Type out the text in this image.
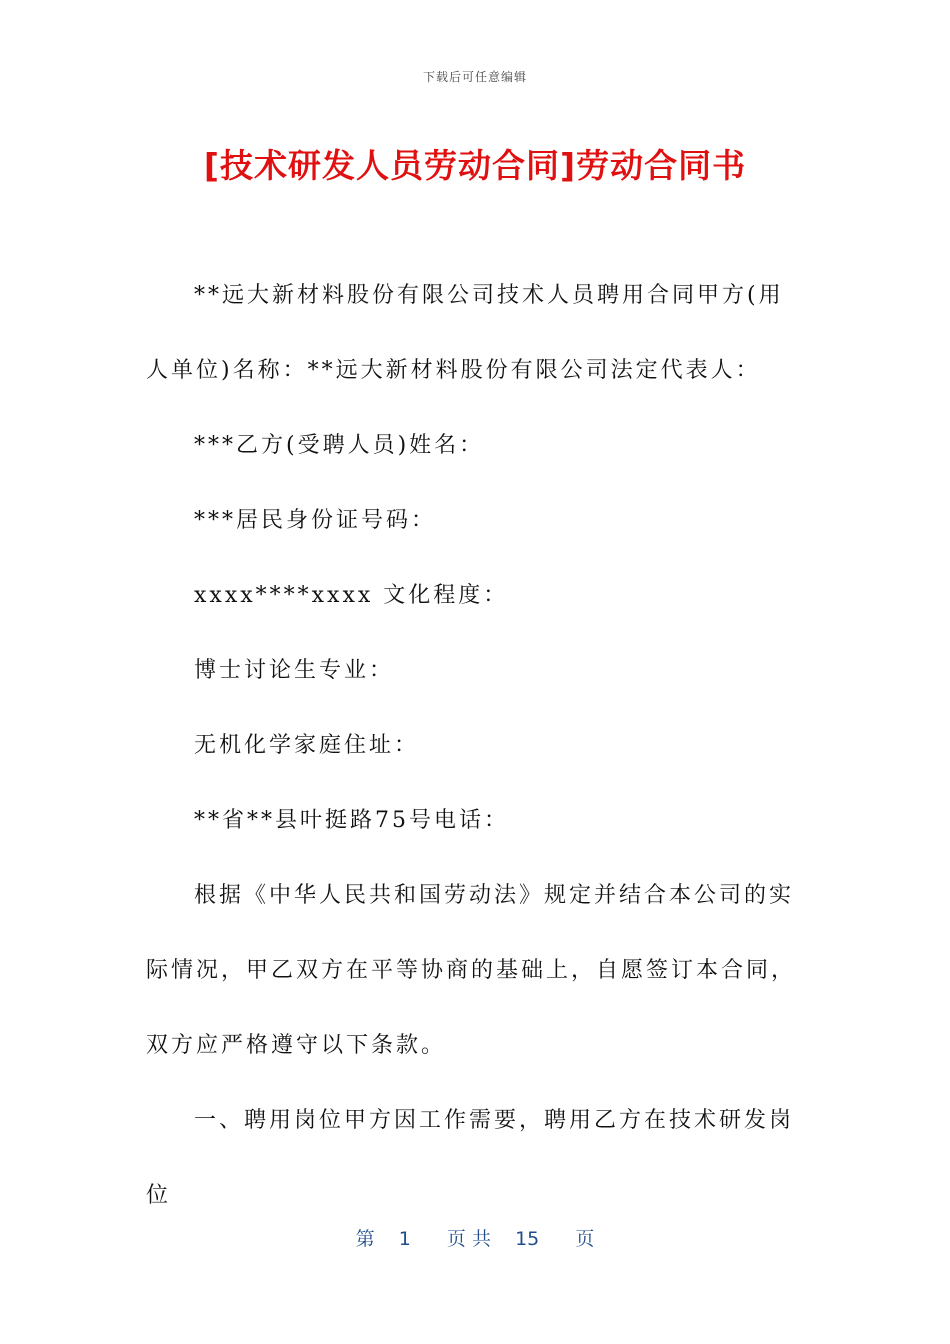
下载后可任意编辑
[技术研发人员劳动合同]劳动合同书

**远大新材料股份有限公司技术人员聘用合同甲方(用人单位)名称：**远大新材料股份有限公司法定代表人：

***乙方(受聘人员)姓名：

***居民身份证号码：

xxxx****xxxx 文化程度：

博士讨论生专业：

无机化学家庭住址：

**省**县叶挺路75号电话：

根据《中华人民共和国劳动法》规定并结合本公司的实际情况，甲乙双方在平等协商的基础上，自愿签订本合同，双方应严格遵守以下条款。

一、聘用岗位甲方因工作需要，聘用乙方在技术研发岗位

第 1 页 共 15 页
